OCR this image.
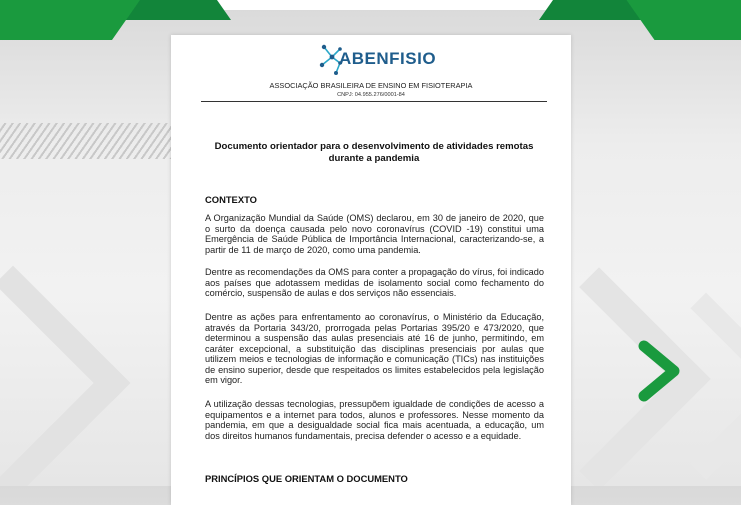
ABENFISIO
ASSOCIAÇÃO BRASILEIRA DE ENSINO EM FISIOTERAPIA
CNPJ: 04.955.276/0001-84
Documento orientador para o desenvolvimento de atividades remotas durante a pandemia
CONTEXTO

A Organização Mundial da Saúde (OMS) declarou, em 30 de janeiro de 2020, que o surto da doença causada pelo novo coronavírus (COVID -19) constitui uma Emergência de Saúde Pública de Importância Internacional, caracterizando-se, a partir de 11 de março de 2020, como uma pandemia.

Dentre as recomendações da OMS para conter a propagação do vírus, foi indicado aos países que adotassem medidas de isolamento social como fechamento do comércio, suspensão de aulas e dos serviços não essenciais.

Dentre as ações para enfrentamento ao coronavírus, o Ministério da Educação, através da Portaria 343/20, prorrogada pelas Portarias 395/20 e 473/2020, que determinou a suspensão das aulas presenciais até 16 de junho, permitindo, em caráter excepcional, a substituição das disciplinas presenciais por aulas que utilizem meios e tecnologias de informação e comunicação (TICs) nas instituições de ensino superior, desde que respeitados os limites estabelecidos pela legislação em vigor.

A utilização dessas tecnologias, pressupõem igualdade de condições de acesso a equipamentos e a internet para todos, alunos e professores. Nesse momento da pandemia, em que a desigualdade social fica mais acentuada, a educação, um dos direitos humanos fundamentais, precisa defender o acesso e a equidade.

PRINCÍPIOS QUE ORIENTAM O DOCUMENTO
